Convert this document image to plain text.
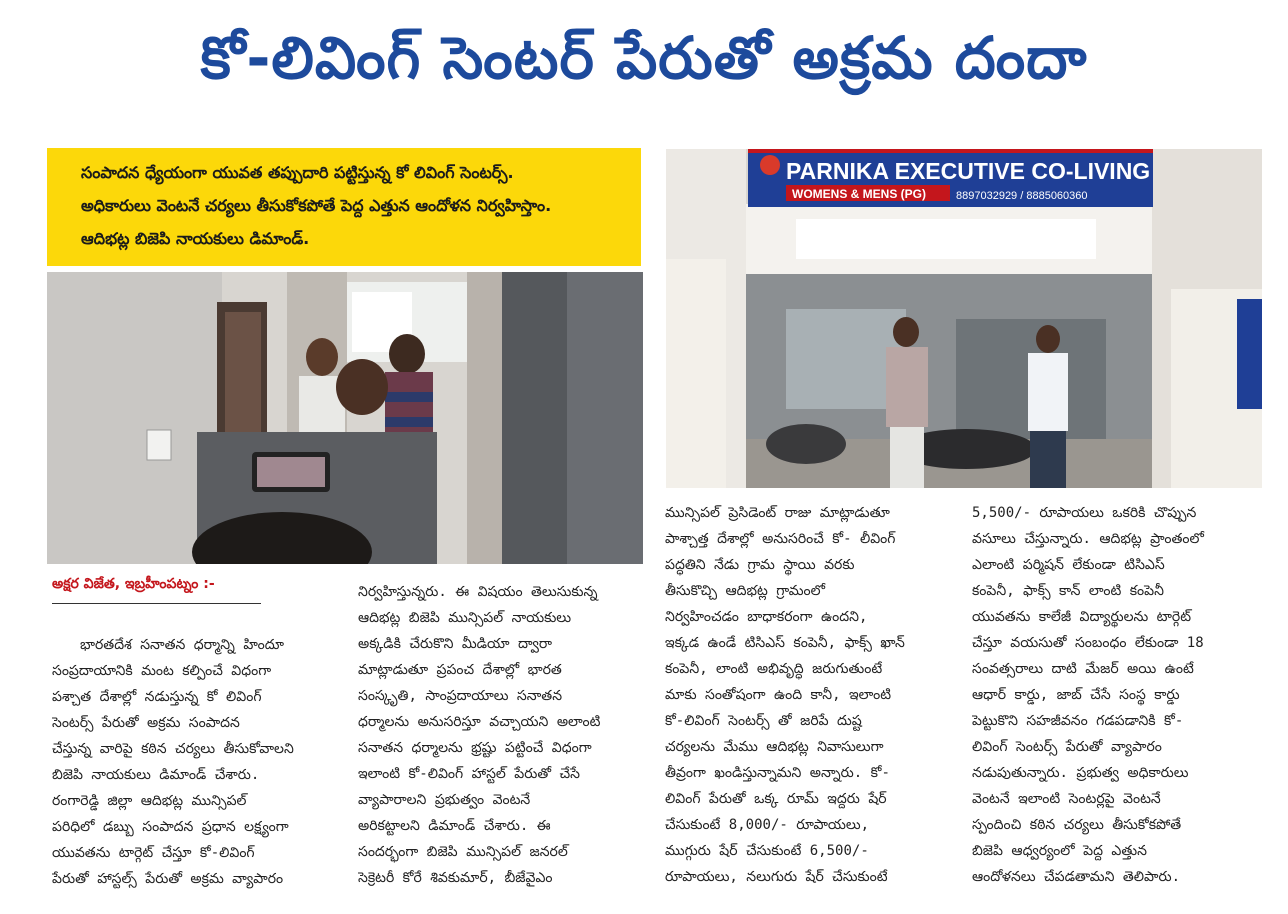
కో-లివింగ్ సెంటర్ పేరుతో అక్రమ దందా

సంపాదన ధ్యేయంగా యువత తప్పుదారి పట్టిస్తున్న కో లివింగ్ సెంటర్స్.

అధికారులు వెంటనే చర్యలు తీసుకోకపోతే పెద్ద ఎత్తున ఆందోళన నిర్వహిస్తాం.

ఆదిభట్ల బిజెపి నాయకులు డిమాండ్.

PARNIKA EXECUTIVE CO-LIVING
WOMENS & MENS (PG)	8897032929 / 8885060360
అక్షర విజేత, ఇబ్రహీంపట్నం :-
భారతదేశ సనాతన ధర్మాన్ని హిందూ
సంప్రదాయానికి మంట కల్పించే విధంగా
పశ్చాత దేశాల్లో నడుస్తున్న కో లివింగ్
సెంటర్స్ పేరుతో అక్రమ సంపాదన
చేస్తున్న వారిపై కఠిన చర్యలు తీసుకోవాలని
బిజెపి నాయకులు డిమాండ్ చేశారు.
రంగారెడ్డి జిల్లా ఆదిభట్ల మున్సిపల్
పరిధిలో డబ్బు సంపాదన ప్రధాన లక్ష్యంగా
యువతను టార్గెట్ చేస్తూ కో-లివింగ్
పేరుతో హాస్టల్స్ పేరుతో అక్రమ వ్యాపారం
నిర్వహిస్తున్నరు. ఈ విషయం తెలుసుకున్న
ఆదిభట్ల బిజెపి మున్సిపల్ నాయకులు
అక్కడికి చేరుకొని మీడియా ద్వారా
మాట్లాడుతూ ప్రపంచ దేశాల్లో భారత
సంస్కృతి, సాంప్రదాయాలు సనాతన
ధర్మాలను అనుసరిస్తూ వచ్చాయని అలాంటి
సనాతన ధర్మాలను భ్రష్టు పట్టించే విధంగా
ఇలాంటి కో-లివింగ్ హాస్టల్ పేరుతో చేసే
వ్యాపారాలని ప్రభుత్వం వెంటనే
అరికట్టాలని డిమాండ్ చేశారు. ఈ
సందర్భంగా బిజెపి మున్సిపల్ జనరల్
సెక్రెటరీ కోరే శివకుమార్, బీజేవైఎం
మున్సిపల్ ప్రెసిడెంట్ రాజు మాట్లాడుతూ
పాశ్చాత్త దేశాల్లో అనుసరించే కో- లీవింగ్
పద్ధతిని నేడు గ్రామ స్థాయి వరకు
తీసుకొచ్చి ఆదిభట్ల గ్రామంలో
నిర్వహించడం బాధాకరంగా ఉందని,
ఇక్కడ ఉండే టిసిఎస్ కంపెనీ, ఫాక్స్ ఖాన్
కంపెనీ, లాంటి అభివృద్ధి జరుగుతుంటే
మాకు సంతోషంగా ఉంది కానీ, ఇలాంటి
కో-లివింగ్ సెంటర్స్ తో జరిపే దుష్ట
చర్యలను మేము ఆదిభట్ల నివాసులుగా
తీవ్రంగా ఖండిస్తున్నామని అన్నారు. కో-
లివింగ్ పేరుతో ఒక్క రూమ్ ఇద్దరు షేర్
చేసుకుంటే 8,000/- రూపాయలు,
ముగ్గురు షేర్ చేసుకుంటే 6,500/-
రూపాయలు, నలుగురు షేర్ చేసుకుంటే
5,500/- రూపాయలు ఒకరికి చొప్పున
వసూలు చేస్తున్నారు. ఆదిభట్ల ప్రాంతంలో
ఎలాంటి పర్మిషన్ లేకుండా టిసిఎస్
కంపెనీ, ఫాక్స్ కాన్ లాంటి కంపెనీ
యువతను కాలేజీ విద్యార్థులను టార్గెట్
చేస్తూ వయసుతో సంబంధం లేకుండా 18
సంవత్సరాలు దాటి మేజర్ అయి ఉంటే
ఆధార్ కార్డు, జాబ్ చేసే సంస్థ కార్డు
పెట్టుకొని సహజీవనం గడపడానికి కో-
లివింగ్ సెంటర్స్ పేరుతో వ్యాపారం
నడుపుతున్నారు. ప్రభుత్వ అధికారులు
వెంటనే ఇలాంటి సెంటర్లపై వెంటనే
స్పందించి కఠిన చర్యలు తీసుకోకపోతే
బిజెపి ఆధ్వర్యంలో పెద్ద ఎత్తున
ఆందోళనలు చేపడతామని తెలిపారు.
